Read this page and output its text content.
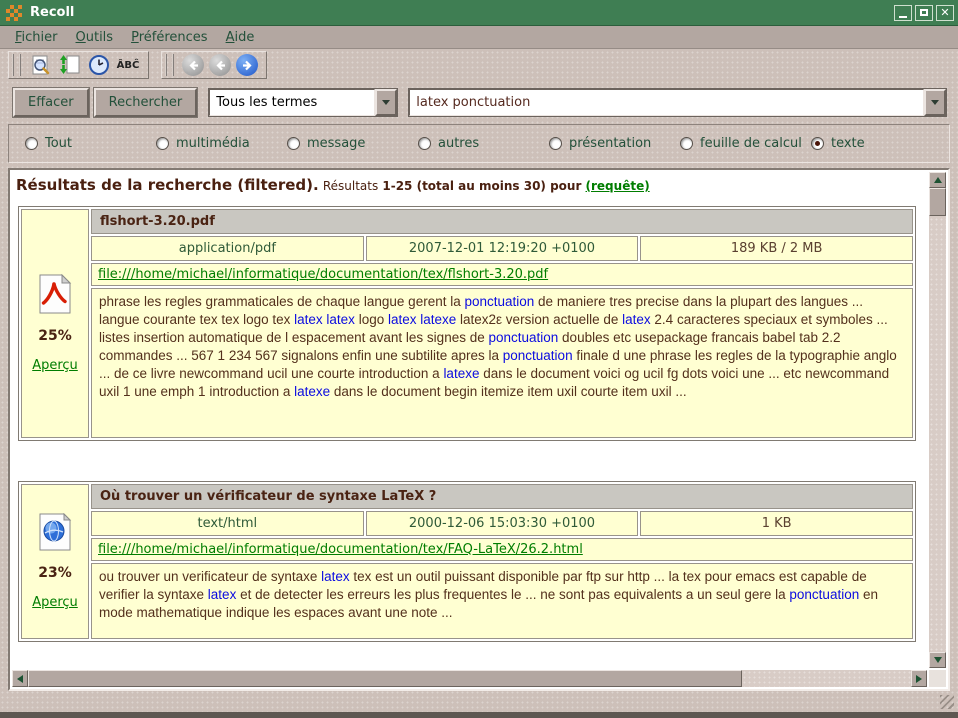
Recoll	✕
Fichier	Outils	Préférences	Aide
ÂBĈ

Effacer	Rechercher	Tous les termes	latex ponctuation
Tout	multimédia	message	autres	présentation	feuille de calcul texte
Résultats de la recherche (filtered). Résultats 1-25 (total au moins 30) pour (requête)
25%
Aperçu	flshort-3.20.pdf		
	application/pdf	2007-12-01 12:19:20 +0100	189 KB / 2 MB
	file:///home/michael/informatique/documentation/tex/flshort-3.20.pdf		

	phrase les regles grammaticales de chaque langue gerent la ponctuation de maniere tres precise dans la plupart des langues ... langue courante tex tex logo tex latex latex logo latex latexe latex2ε version actuelle de latex 2.4 caracteres speciaux et symboles ... listes insertion automatique de l espacement avant les signes de ponctuation doubles etc usepackage francais babel tab 2.2 commandes ... 567 1 234 567 signalons enfin une subtilite apres la ponctuation finale d une phrase les regles de la typographie anglo ... de ce livre newcommand ucil une courte introduction a latexe dans le document voici og ucil fg dots voici une ... etc newcommand uxil 1 une emph 1 introduction a latexe dans le document begin itemize item uxil courte item uxil ...		
23%
Aperçu	Où trouver un vérificateur de syntaxe LaTeX ?		
	text/html	2000-12-06 15:03:30 +0100	1 KB
	file:///home/michael/informatique/documentation/tex/FAQ-LaTeX/26.2.html		

	ou trouver un verificateur de syntaxe latex tex est un outil puissant disponible par ftp sur http ... la tex pour emacs est capable de verifier la syntaxe latex et de detecter les erreurs les plus frequentes le ... ne sont pas equivalents a un seul gere la ponctuation en mode mathematique indique les espaces avant une note ...		
